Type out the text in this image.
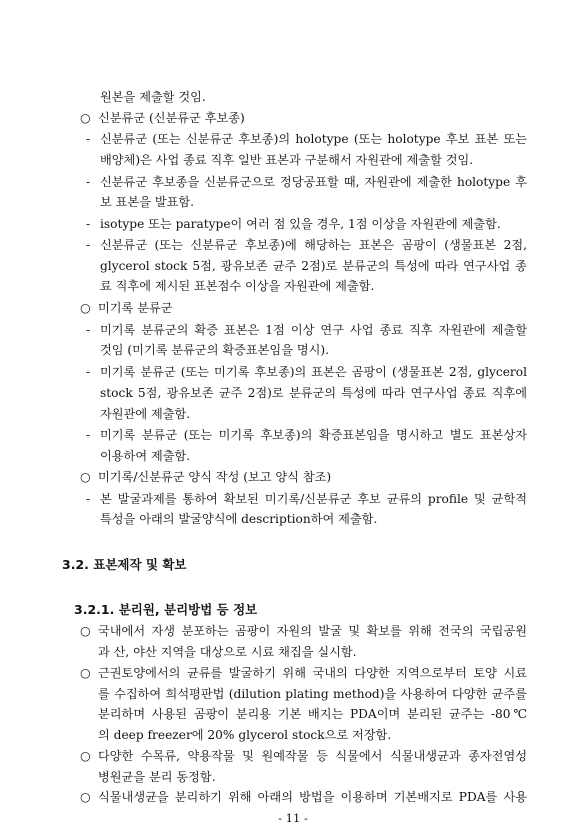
원본을 제출할 것임.
○ 신분류군 (신분류군 후보종)
- 신분류군 (또는 신분류군 후보종)의 holotype (또는 holotype 후보 표본 또는
배양체)은 사업 종료 직후 일반 표본과 구분해서 자원관에 제출할 것임.
- 신분류군 후보종을 신분류군으로 정당공표할 때, 자원관에 제출한 holotype 후
보 표본을 발표함.
- isotype 또는 paratype이 여러 점 있을 경우, 1점 이상을 자원관에 제출함.
- 신분류군 (또는 신분류군 후보종)에 해당하는 표본은 곰팡이 (생물표본 2점,
glycerol stock 5점, 광유보존 균주 2점)로 분류군의 특성에 따라 연구사업 종
료 직후에 제시된 표본점수 이상을 자원관에 제출함.
○ 미기록 분류군
- 미기록 분류군의 확증 표본은 1점 이상 연구 사업 종료 직후 자원관에 제출할
것임 (미기록 분류군의 확증표본임을 명시).
- 미기록 분류군 (또는 미기록 후보종)의 표본은 곰팡이 (생물표본 2점, glycerol
stock 5점, 광유보존 균주 2점)로 분류군의 특성에 따라 연구사업 종료 직후에
자원관에 제출함.
- 미기록 분류군 (또는 미기록 후보종)의 확증표본임을 명시하고 별도 표본상자
이용하여 제출함.
○ 미기록/신분류군 양식 작성 (보고 양식 참조)
- 본 발굴과제를 통하여 확보된 미기록/신분류군 후보 균류의 profile 및 균학적
특성을 아래의 발굴양식에 description하여 제출함.
3.2. 표본제작 및 확보
3.2.1. 분리원, 분리방법 등 정보
○ 국내에서 자생 분포하는 곰팡이 자원의 발굴 및 확보를 위해 전국의 국립공원
과 산, 야산 지역을 대상으로 시료 채집을 실시함.
○ 근권토양에서의 균류를 발굴하기 위해 국내의 다양한 지역으로부터 토양 시료
를 수집하여 희석평판법 (dilution plating method)을 사용하여 다양한 균주를
분리하며 사용된 곰팡이 분리용 기본 배지는 PDA이며 분리된 균주는 -80℃
의 deep freezer에 20% glycerol stock으로 저장함.
○ 다양한 수목류, 약용작물 및 원예작물 등 식물에서 식물내생균과 종자전염성
병원균을 분리 동정함.
○ 식물내생균을 분리하기 위해 아래의 방법을 이용하며 기본배지로 PDA를 사용
- 11 -
